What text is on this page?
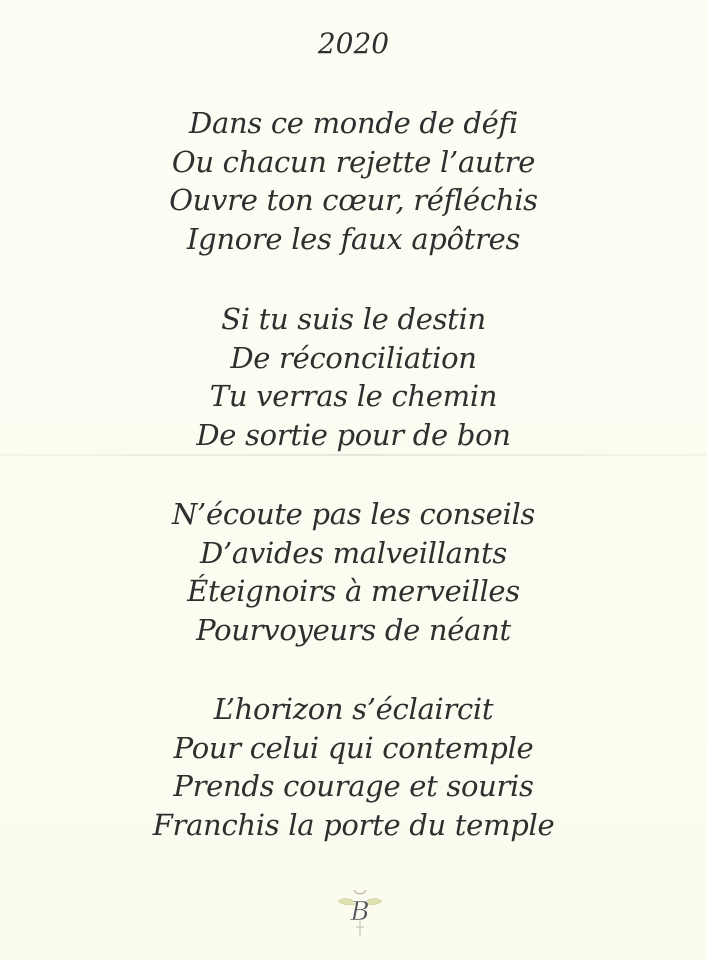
2020
Dans ce monde de défi
Ou chacun rejette l’autre
Ouvre ton cœur, réfléchis
Ignore les faux apôtres
Si tu suis le destin
De réconciliation
Tu verras le chemin
De sortie pour de bon
N’écoute pas les conseils
D’avides malveillants
Éteignoirs à merveilles
Pourvoyeurs de néant
L’horizon s’éclaircit
Pour celui qui contemple
Prends courage et souris
Franchis la porte du temple
B
